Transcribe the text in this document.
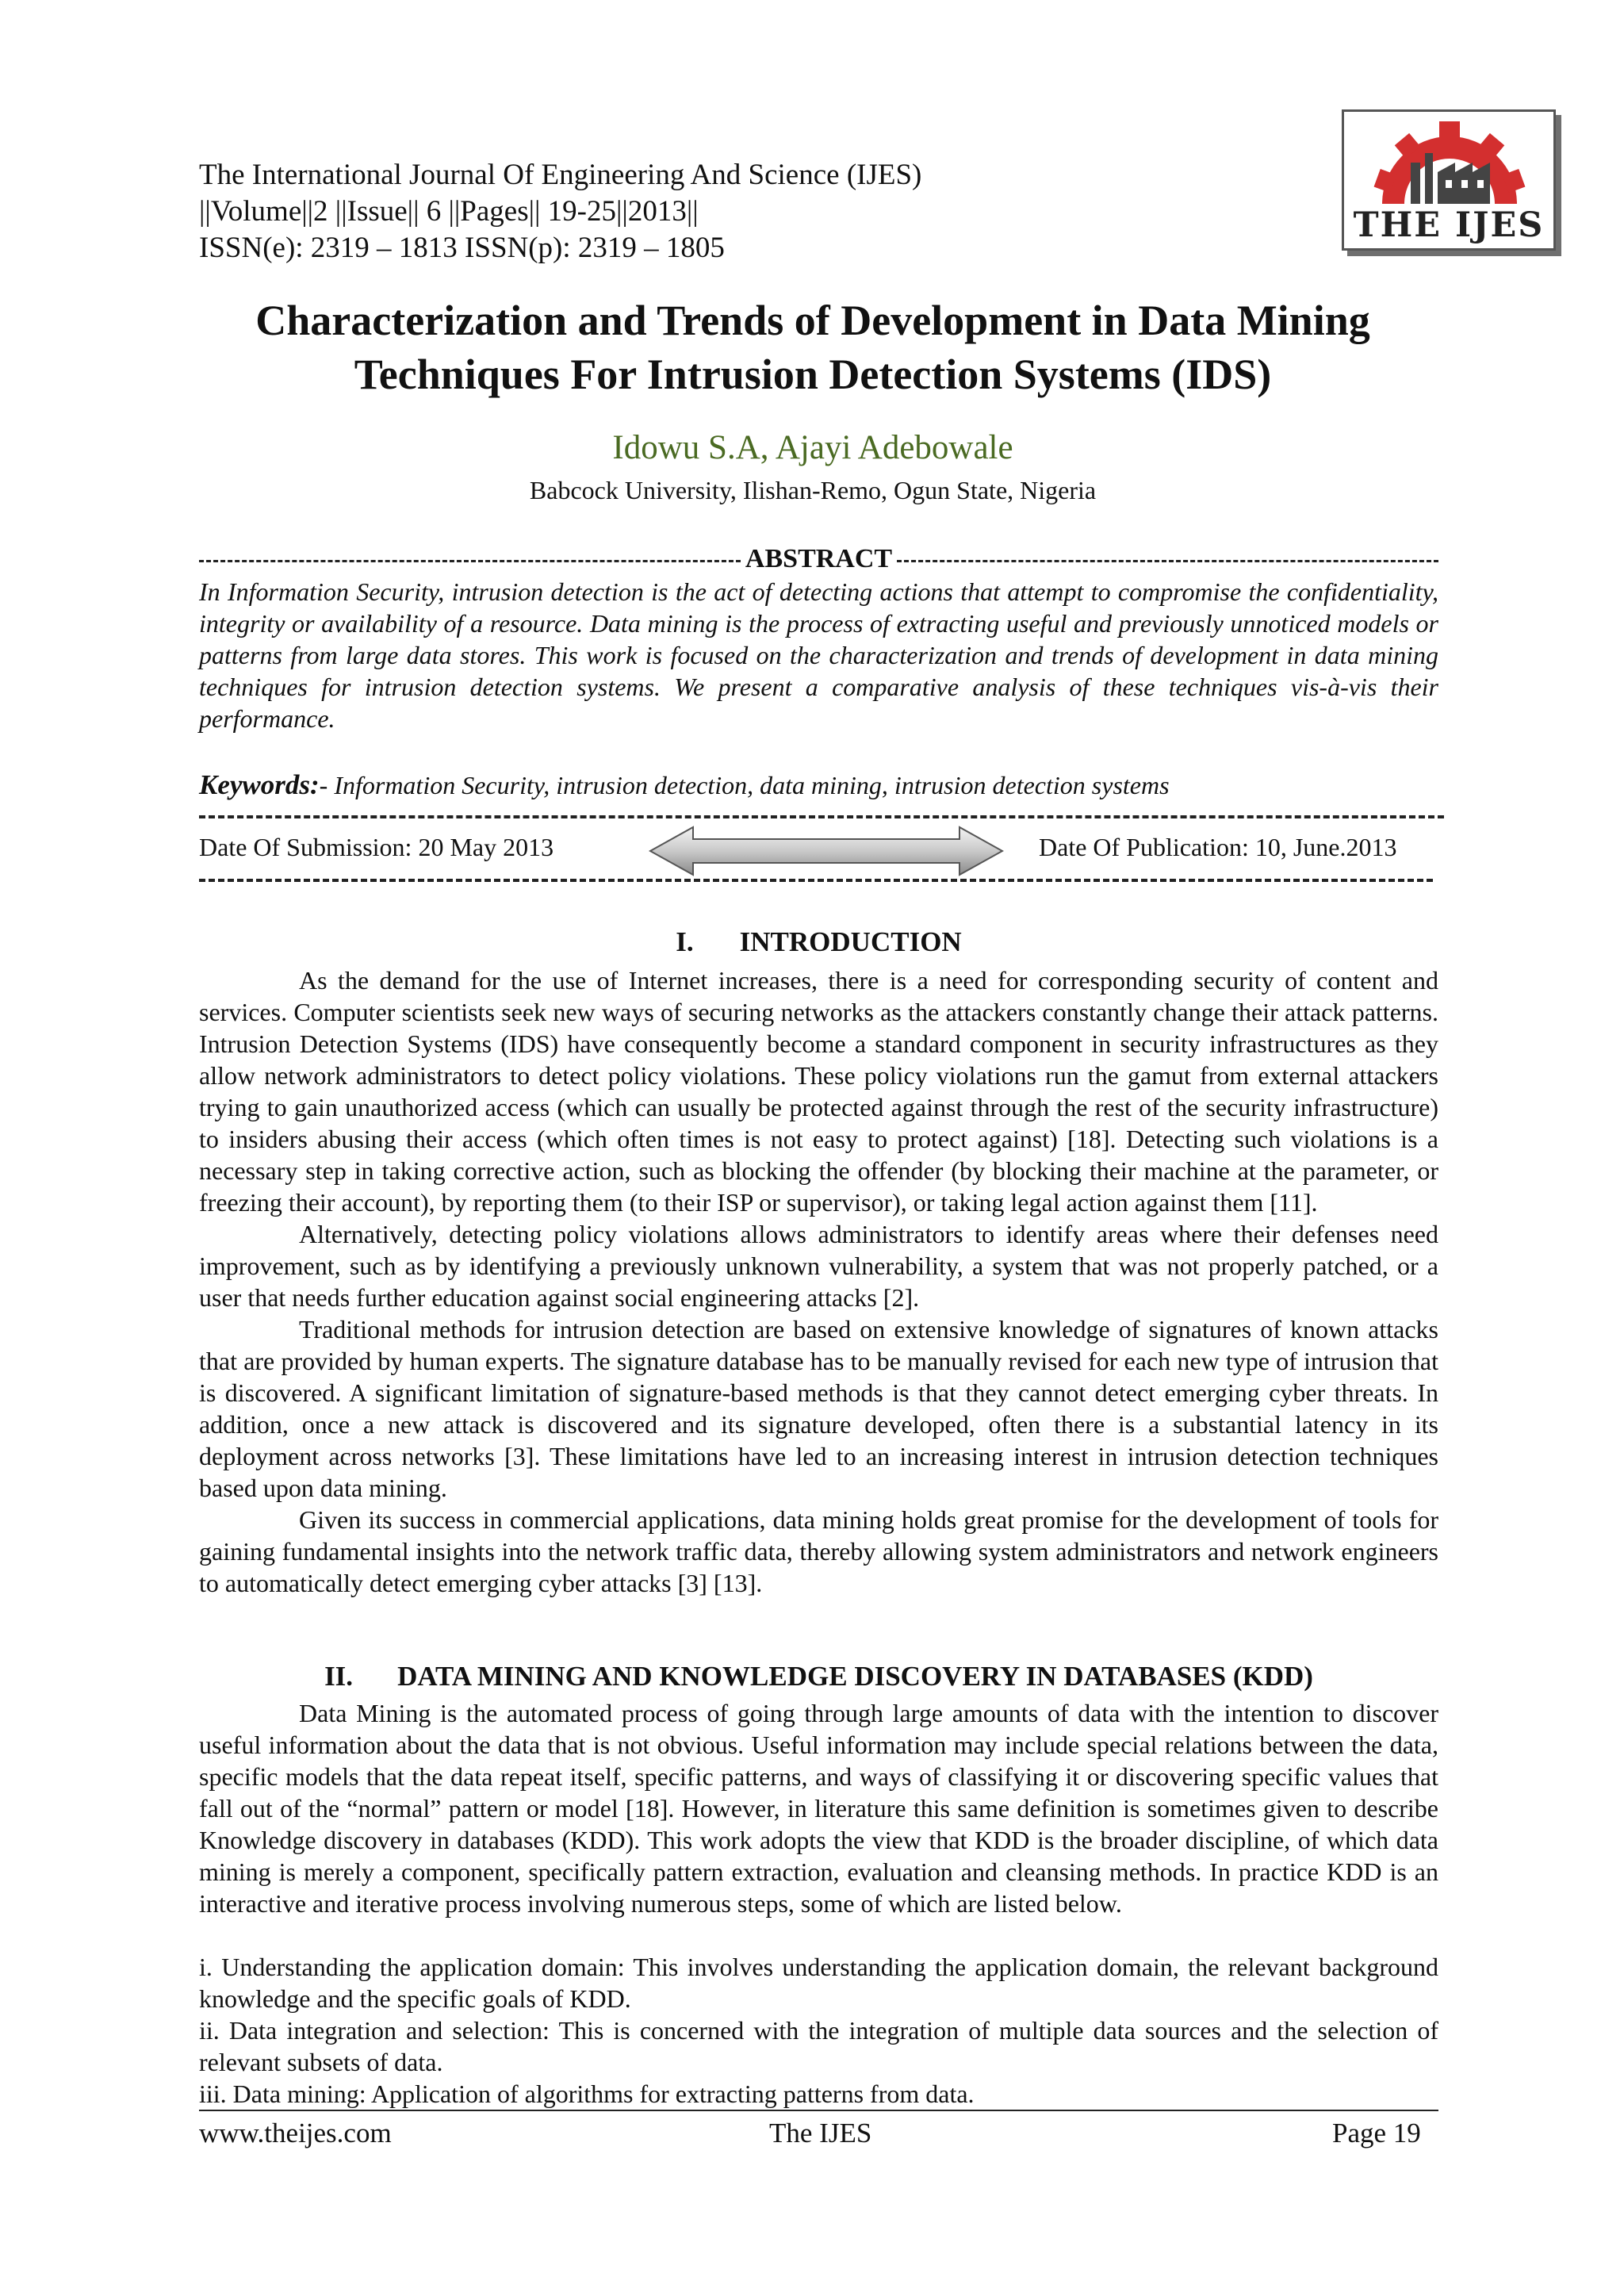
The International Journal Of Engineering And Science (IJES)
||Volume||2 ||Issue|| 6 ||Pages|| 19-25||2013||
ISSN(e): 2319 – 1813 ISSN(p): 2319 – 1805
THE IJES
Characterization and Trends of Development in Data Mining
Techniques For Intrusion Detection Systems (IDS)
Idowu S.A, Ajayi Adebowale
Babcock University, Ilishan-Remo, Ogun State, Nigeria
ABSTRACT
In Information Security, intrusion detection is the act of detecting actions that attempt to compromise the confidentiality, integrity or availability of a resource. Data mining is the process of extracting useful and previously unnoticed models or patterns from large data stores. This work is focused on the characterization and trends of development in data mining techniques for intrusion detection systems. We present a comparative analysis of these techniques vis-à-vis their performance.
Keywords:- Information Security, intrusion detection, data mining, intrusion detection systems
Date Of Submission: 20 May 2013	Date Of Publication: 10, June.2013
I. INTRODUCTION

As the demand for the use of Internet increases, there is a need for corresponding security of content and services. Computer scientists seek new ways of securing networks as the attackers constantly change their attack patterns. Intrusion Detection Systems (IDS) have consequently become a standard component in security infrastructures as they allow network administrators to detect policy violations. These policy violations run the gamut from external attackers trying to gain unauthorized access (which can usually be protected against through the rest of the security infrastructure) to insiders abusing their access (which often times is not easy to protect against) [18]. Detecting such violations is a necessary step in taking corrective action, such as blocking the offender (by blocking their machine at the parameter, or freezing their account), by reporting them (to their ISP or supervisor), or taking legal action against them [11].

Alternatively, detecting policy violations allows administrators to identify areas where their defenses need improvement, such as by identifying a previously unknown vulnerability, a system that was not properly patched, or a user that needs further education against social engineering attacks [2].

Traditional methods for intrusion detection are based on extensive knowledge of signatures of known attacks that are provided by human experts. The signature database has to be manually revised for each new type of intrusion that is discovered. A significant limitation of signature-based methods is that they cannot detect emerging cyber threats. In addition, once a new attack is discovered and its signature developed, often there is a substantial latency in its deployment across networks [3]. These limitations have led to an increasing interest in intrusion detection techniques based upon data mining.

Given its success in commercial applications, data mining holds great promise for the development of tools for gaining fundamental insights into the network traffic data, thereby allowing system administrators and network engineers to automatically detect emerging cyber attacks [3] [13].

II. DATA MINING AND KNOWLEDGE DISCOVERY IN DATABASES (KDD)

Data Mining is the automated process of going through large amounts of data with the intention to discover useful information about the data that is not obvious. Useful information may include special relations between the data, specific models that the data repeat itself, specific patterns, and ways of classifying it or discovering specific values that fall out of the “normal” pattern or model [18]. However, in literature this same definition is sometimes given to describe Knowledge discovery in databases (KDD). This work adopts the view that KDD is the broader discipline, of which data mining is merely a component, specifically pattern extraction, evaluation and cleansing methods. In practice KDD is an interactive and iterative process involving numerous steps, some of which are listed below.

i. Understanding the application domain: This involves understanding the application domain, the relevant background knowledge and the specific goals of KDD.

ii. Data integration and selection: This is concerned with the integration of multiple data sources and the selection of relevant subsets of data.

iii. Data mining: Application of algorithms for extracting patterns from data.

www.theijes.com	The IJES	Page 19
